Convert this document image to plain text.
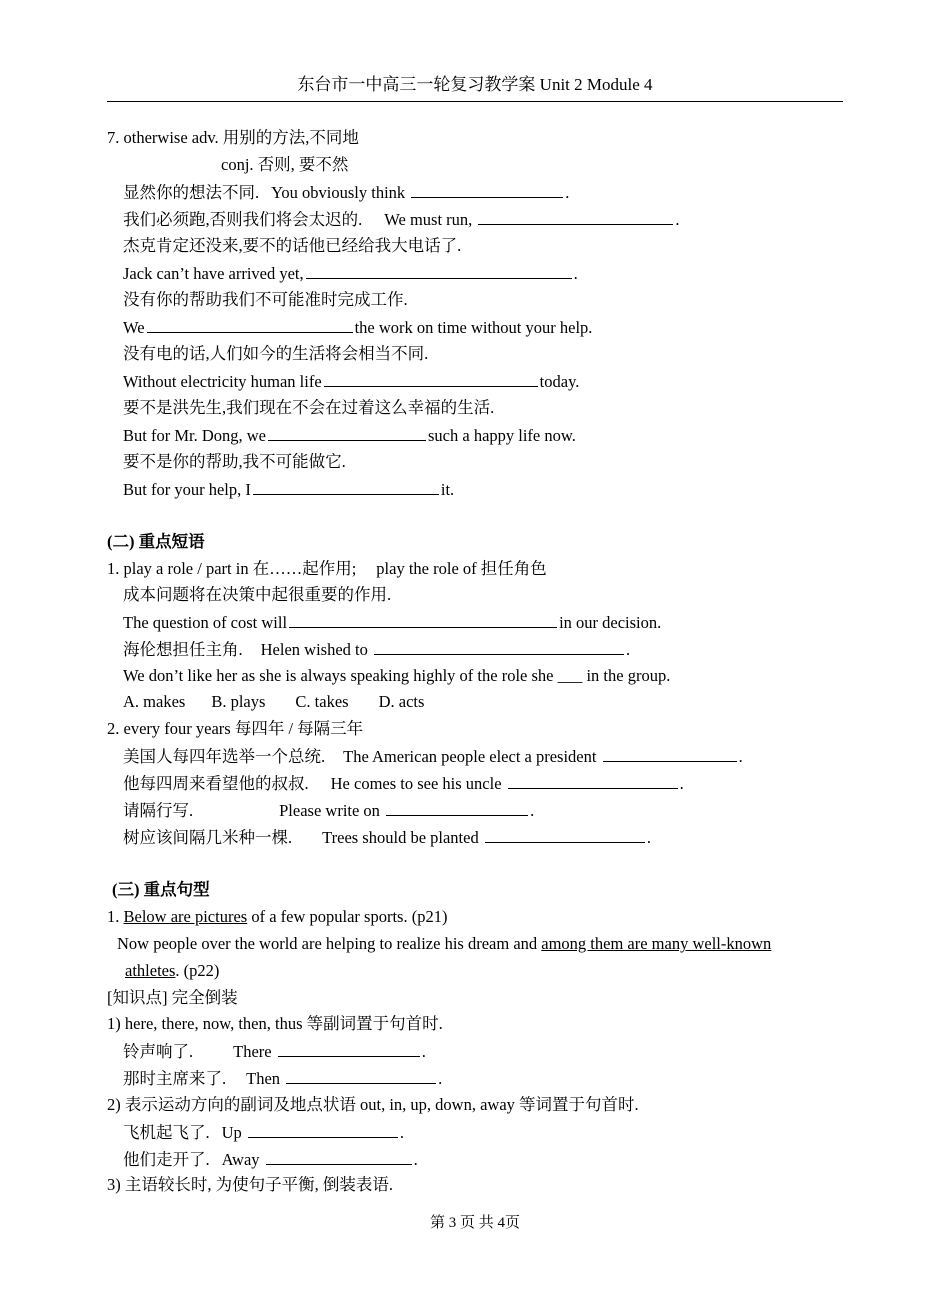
东台市一中高三一轮复习教学案 Unit 2 Module 4
7. otherwise adv. 用别的方法,不同地
conj. 否则, 要不然
显然你的想法不同. You obviously think	.
我们必须跑,否则我们将会太迟的. We must run,	.
杰克肯定还没来,要不的话他已经给我大电话了.
Jack can’t have arrived yet,	.
没有你的帮助我们不可能准时完成工作.
We	the work on time without your help.
没有电的话,人们如今的生活将会相当不同.
Without electricity human life	today.
要不是洪先生,我们现在不会在过着这么幸福的生活.
But for Mr. Dong, we	such a happy life now.
要不是你的帮助,我不可能做它.
But for your help, I	it.
(二) 重点短语
1. play a role / part in 在……起作用; play the role of 担任角色
成本问题将在决策中起很重要的作用.
The question of cost will	in our decision.
海伦想担任主角. Helen wished to	.
We don’t like her as she is always speaking highly of the role she ___ in the group.
A. makes B. plays C. takes D. acts
2. every four years 每四年 / 每隔三年
美国人每四年选举一个总统. The American people elect a president	.
他每四周来看望他的叔叔. He comes to see his uncle	.
请隔行写.	Please write on	.
树应该间隔几米种一棵. Trees should be planted	.
(三) 重点句型
1. Below are pictures of a few popular sports. (p21)
Now people over the world are helping to realize his dream and among them are many well-known
athletes. (p22)
[知识点] 完全倒装
1) here, there, now, then, thus 等副词置于句首时.
铃声响了. There	.
那时主席来了. Then	.
2) 表示运动方向的副词及地点状语 out, in, up, down, away 等词置于句首时.
飞机起飞了. Up	.
他们走开了. Away	.
3) 主语较长时, 为使句子平衡, 倒装表语.
第 3 页 共 4页
